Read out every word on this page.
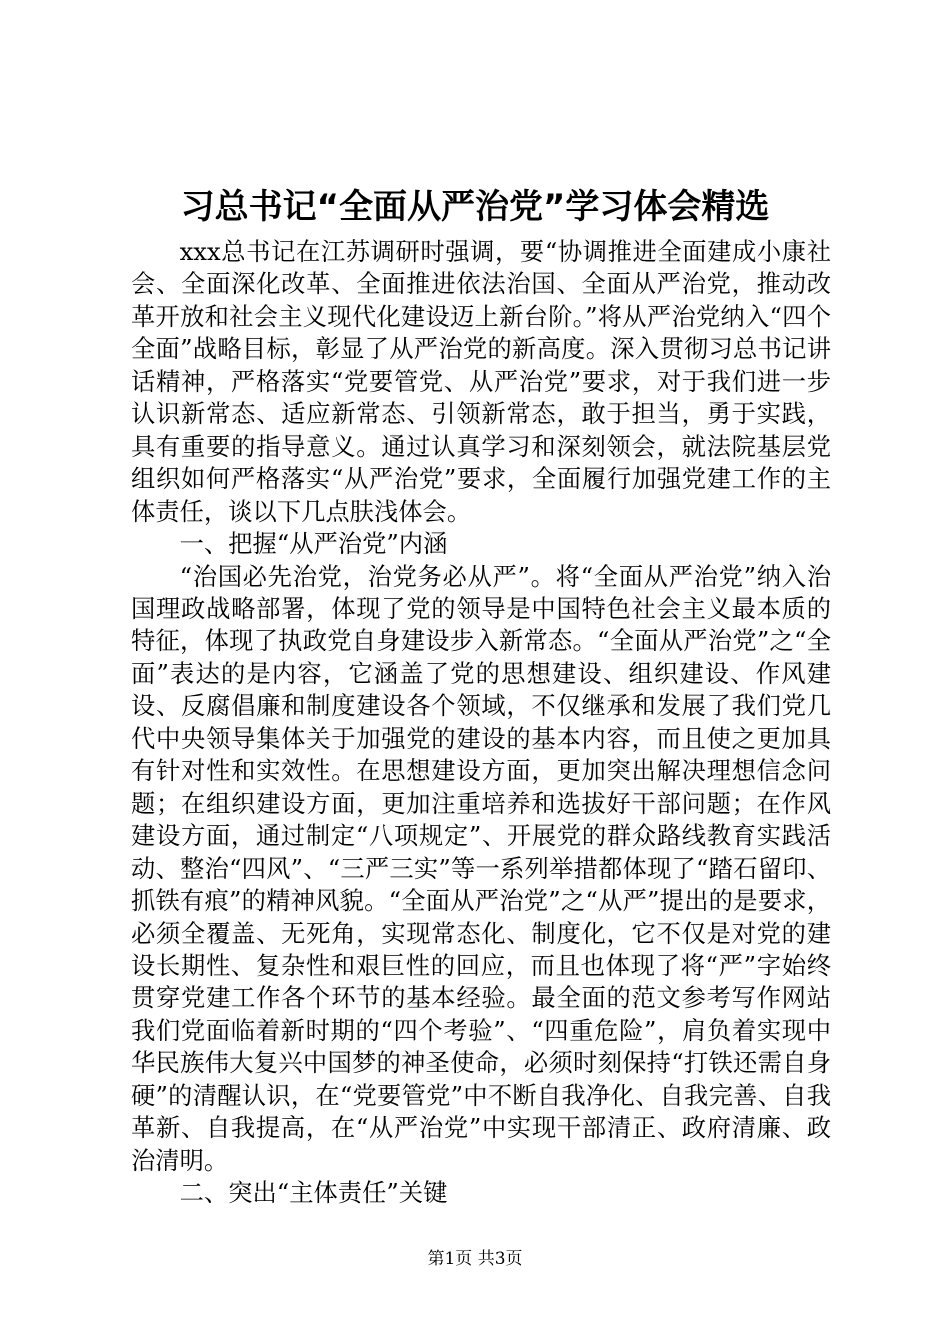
习总书记“全面从严治党”学习体会精选

xxx总书记在江苏调研时强调，要“协调推进全面建成小康社会、全面深化改革、全面推进依法治国、全面从严治党，推动改革开放和社会主义现代化建设迈上新台阶。”将从严治党纳入“四个全面”战略目标，彰显了从严治党的新高度。深入贯彻习总书记讲话精神，严格落实“党要管党、从严治党”要求，对于我们进一步认识新常态、适应新常态、引领新常态，敢于担当，勇于实践，具有重要的指导意义。通过认真学习和深刻领会，就法院基层党组织如何严格落实“从严治党”要求，全面履行加强党建工作的主体责任，谈以下几点肤浅体会。

一、把握“从严治党”内涵

“治国必先治党，治党务必从严”。将“全面从严治党”纳入治国理政战略部署，体现了党的领导是中国特色社会主义最本质的特征，体现了执政党自身建设步入新常态。“全面从严治党”之“全面”表达的是内容，它涵盖了党的思想建设、组织建设、作风建设、反腐倡廉和制度建设各个领域，不仅继承和发展了我们党几代中央领导集体关于加强党的建设的基本内容，而且使之更加具有针对性和实效性。在思想建设方面，更加突出解决理想信念问题；在组织建设方面，更加注重培养和选拔好干部问题；在作风建设方面，通过制定“八项规定”、开展党的群众路线教育实践活动、整治“四风”、“三严三实”等一系列举措都体现了“踏石留印、抓铁有痕”的精神风貌。“全面从严治党”之“从严”提出的是要求，必须全覆盖、无死角，实现常态化、制度化，它不仅是对党的建设长期性、复杂性和艰巨性的回应，而且也体现了将“严”字始终贯穿党建工作各个环节的基本经验。最全面的范文参考写作网站我们党面临着新时期的“四个考验”、“四重危险”，肩负着实现中华民族伟大复兴中国梦的神圣使命，必须时刻保持“打铁还需自身硬”的清醒认识，在“党要管党”中不断自我净化、自我完善、自我革新、自我提高，在“从严治党”中实现干部清正、政府清廉、政治清明。

二、突出“主体责任”关键

第1页 共3页
